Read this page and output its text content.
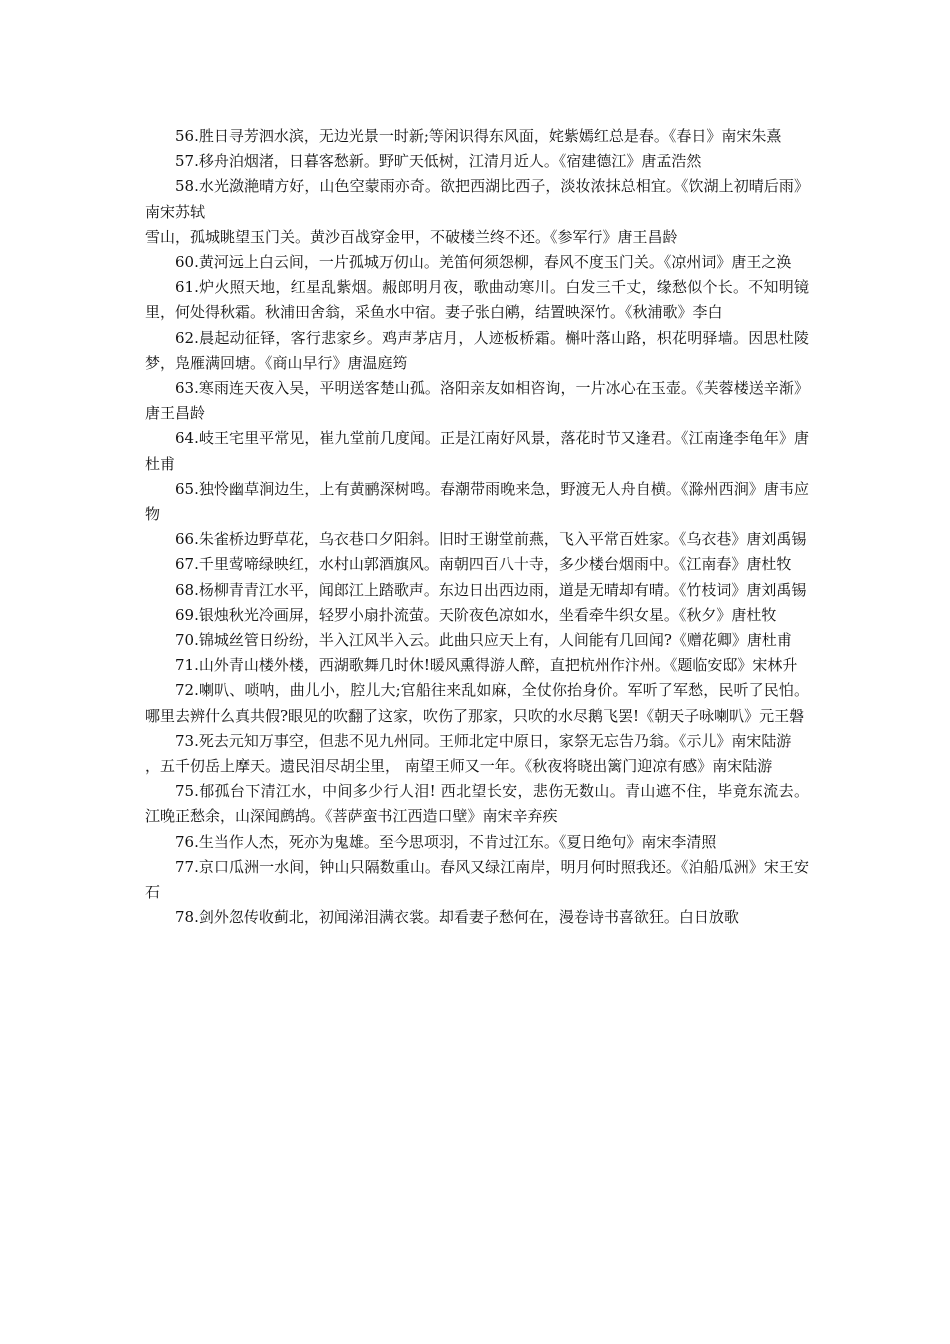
56.胜日寻芳泗水滨，无边光景一时新;等闲识得东风面，姹紫嫣红总是春。《春日》南宋朱熹

57.移舟泊烟渚，日暮客愁新。野旷天低树，江清月近人。《宿建德江》唐孟浩然

58.水光潋滟晴方好，山色空蒙雨亦奇。欲把西湖比西子，淡妆浓抹总相宜。《饮湖上初晴后雨》南宋苏轼

雪山，孤城眺望玉门关。黄沙百战穿金甲，不破楼兰终不还。《参军行》唐王昌龄

60.黄河远上白云间，一片孤城万仞山。羌笛何须怨柳，春风不度玉门关。《凉州词》唐王之涣

61.炉火照天地，红星乱紫烟。赧郎明月夜，歌曲动寒川。白发三千丈，缘愁似个长。不知明镜里，何处得秋霜。秋浦田舍翁，采鱼水中宿。妻子张白鹇，结置映深竹。《秋浦歌》李白

62.晨起动征铎，客行悲家乡。鸡声茅店月，人迹板桥霜。槲叶落山路，枳花明驿墙。因思杜陵梦，凫雁满回塘。《商山早行》唐温庭筠

63.寒雨连天夜入吴，平明送客楚山孤。洛阳亲友如相咨询，一片冰心在玉壶。《芙蓉楼送辛渐》唐王昌龄

64.岐王宅里平常见，崔九堂前几度闻。正是江南好风景，落花时节又逢君。《江南逢李龟年》唐杜甫

65.独怜幽草涧边生，上有黄鹂深树鸣。春潮带雨晚来急，野渡无人舟自横。《滁州西涧》唐韦应物

66.朱雀桥边野草花，乌衣巷口夕阳斜。旧时王谢堂前燕，飞入平常百姓家。《乌衣巷》唐刘禹锡

67.千里莺啼绿映红，水村山郭酒旗风。南朝四百八十寺，多少楼台烟雨中。《江南春》唐杜牧

68.杨柳青青江水平，闻郎江上踏歌声。东边日出西边雨，道是无晴却有晴。《竹枝词》唐刘禹锡

69.银烛秋光冷画屏，轻罗小扇扑流萤。天阶夜色凉如水，坐看牵牛织女星。《秋夕》唐杜牧

70.锦城丝管日纷纷，半入江风半入云。此曲只应天上有，人间能有几回闻?《赠花卿》唐杜甫

71.山外青山楼外楼，西湖歌舞几时休!暖风熏得游人醉，直把杭州作汴州。《题临安邸》宋林升

72.喇叭、唢呐，曲儿小，腔儿大;官船往来乱如麻，全仗你抬身价。军听了军愁，民听了民怕。哪里去辨什么真共假?眼见的吹翻了这家，吹伤了那家，只吹的水尽鹅飞罢!《朝天子咏喇叭》元王磐

73.死去元知万事空，但悲不见九州同。王师北定中原日，家祭无忘告乃翁。《示儿》南宋陆游

，五千仞岳上摩天。遗民泪尽胡尘里， 南望王师又一年。《秋夜将晓出篱门迎凉有感》南宋陆游

75.郁孤台下清江水，中间多少行人泪! 西北望长安，悲伤无数山。青山遮不住，毕竟东流去。江晚正愁余，山深闻鹧鸪。《菩萨蛮书江西造口壁》南宋辛弃疾

76.生当作人杰，死亦为鬼雄。至今思项羽，不肯过江东。《夏日绝句》南宋李清照

77.京口瓜洲一水间，钟山只隔数重山。春风又绿江南岸，明月何时照我还。《泊船瓜洲》宋王安石

78.剑外忽传收蓟北，初闻涕泪满衣裳。却看妻子愁何在，漫卷诗书喜欲狂。白日放歌
